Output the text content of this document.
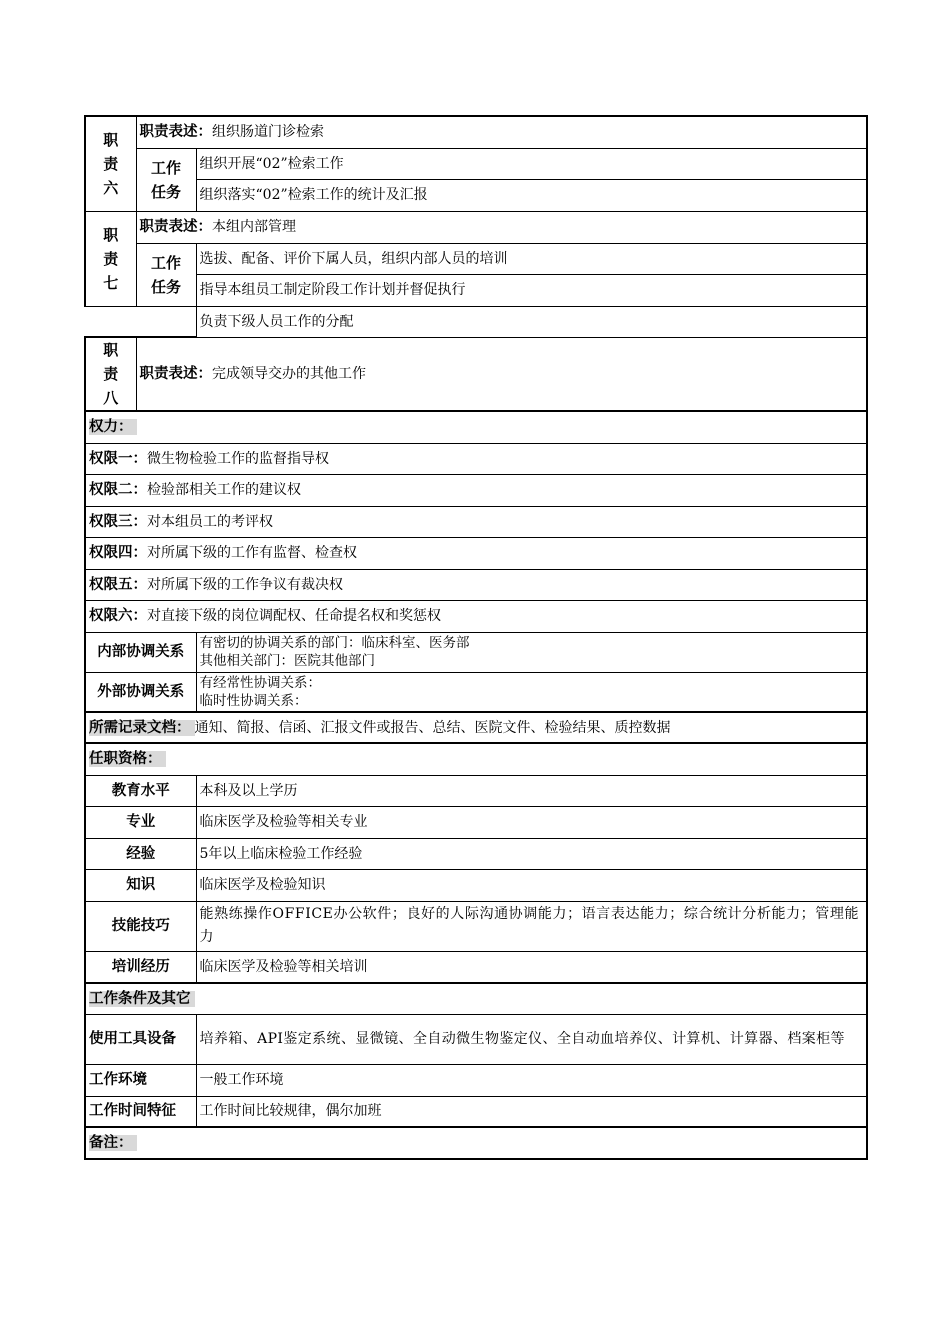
职
责
六	职责表述：组织肠道门诊检索	
	工作
任务	组织开展“02”检索工作
		组织落实“02”检索工作的统计及汇报
职
责
七	职责表述：本组内部管理	
	工作
任务	选拔、配备、评价下属人员，组织内部人员的培训
		指导本组员工制定阶段工作计划并督促执行
		负责下级人员工作的分配
职
责
八	职责表述：完成领导交办的其他工作	
权力：		
权限一：微生物检验工作的监督指导权		
权限二：检验部相关工作的建议权		
权限三：对本组员工的考评权		
权限四：对所属下级的工作有监督、检查权		
权限五：对所属下级的工作争议有裁决权		
权限六：对直接下级的岗位调配权、任命提名权和奖惩权		
内部协调关系		有密切的协调关系的部门：临床科室、医务部
其他相关部门：医院其他部门

外部协调关系		有经常性协调关系：
临时性协调关系：

所需记录文档： 通知、简报、信函、汇报文件或报告、总结、医院文件、检验结果、质控数据		
任职资格：		
教育水平		本科及以上学历
专业		临床医学及检验等相关专业
经验		5年以上临床检验工作经验
知识		临床医学及检验知识
技能技巧		能熟练操作OFFICE办公软件；良好的人际沟通协调能力；语言表达能力；综合统计分析能力；管理能力
培训经历		临床医学及检验等相关培训
工作条件及其它		
使用工具设备		培养箱、API鉴定系统、显微镜、全自动微生物鉴定仪、全自动血培养仪、计算机、计算器、档案柜等
工作环境		一般工作环境
工作时间特征		工作时间比较规律，偶尔加班
备注：		
